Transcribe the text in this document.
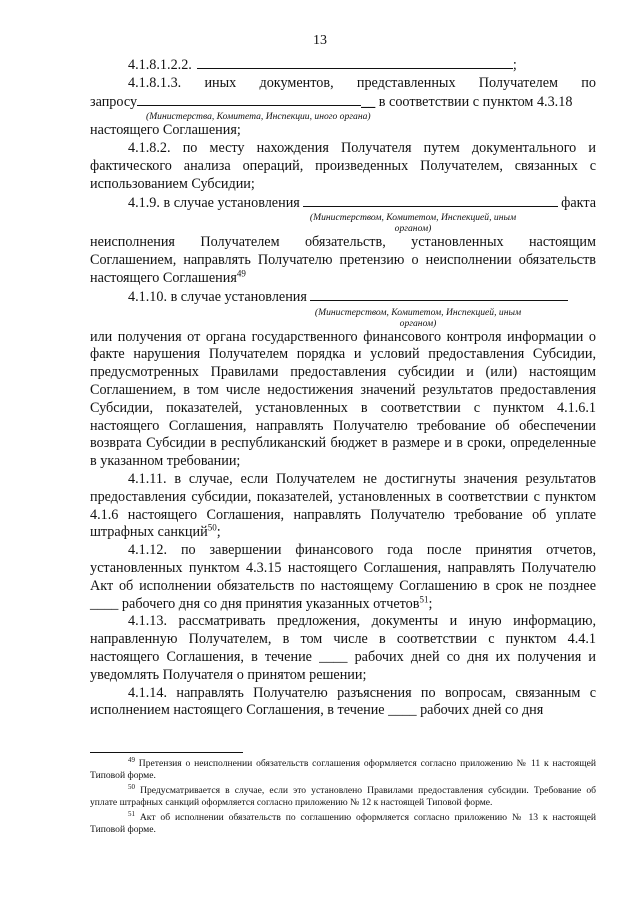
13
4.1.8.1.2.2.	;
4.1.8.1.3. иных документов, представленных Получателем по
запросу	__ в соответствии с пунктом 4.3.18
(Министерства, Комитета, Инспекции, иного органа)

настоящего Соглашения;

4.1.8.2. по месту нахождения Получателя путем документального и фактического анализа операций, произведенных Получателем, связанных с использованием Субсидии;

4.1.9. в случае установления	факта
(Министерством, Комитетом, Инспекцией, иным
органом)

неисполнения Получателем обязательств, установленных настоящим Соглашением, направлять Получателю претензию о неисполнении обязательств настоящего Соглашения$^{49}$

4.1.10. в случае установления
(Министерством, Комитетом, Инспекцией, иным
органом)

или получения от органа государственного финансового контроля информации о факте нарушения Получателем порядка и условий предоставления Субсидии, предусмотренных Правилами предоставления субсидии и (или) настоящим Соглашением, в том числе недостижения значений результатов предоставления Субсидии, показателей, установленных в соответствии с пунктом 4.1.6.1 настоящего Соглашения, направлять Получателю требование об обеспечении возврата Субсидии в республиканский бюджет в размере и в сроки, определенные в указанном требовании;

4.1.11. в случае, если Получателем не достигнуты значения результатов предоставления субсидии, показателей, установленных в соответствии с пунктом 4.1.6 настоящего Соглашения, направлять Получателю требование об уплате штрафных санкций$^{50}$;

4.1.12. по завершении финансового года после принятия отчетов, установленных пунктом 4.3.15 настоящего Соглашения, направлять Получателю Акт об исполнении обязательств по настоящему Соглашению в срок не позднее ____ рабочего дня со дня принятия указанных отчетов$^{51}$;

4.1.13. рассматривать предложения, документы и иную информацию, направленную Получателем, в том числе в соответствии с пунктом 4.4.1 настоящего Соглашения, в течение ____ рабочих дней со дня их получения и уведомлять Получателя о принятом решении;

4.1.14. направлять Получателю разъяснения по вопросам, связанным с исполнением настоящего Соглашения, в течение ____ рабочих дней со дня

$^{49}$ Претензия о неисполнении обязательств соглашения оформляется согласно приложению № 11 к настоящей Типовой форме.

$^{50}$ Предусматривается в случае, если это установлено Правилами предоставления субсидии. Требование об уплате штрафных санкций оформляется согласно приложению № 12 к настоящей Типовой форме.

$^{51}$ Акт об исполнении обязательств по соглашению оформляется согласно приложению № 13 к настоящей Типовой форме.
